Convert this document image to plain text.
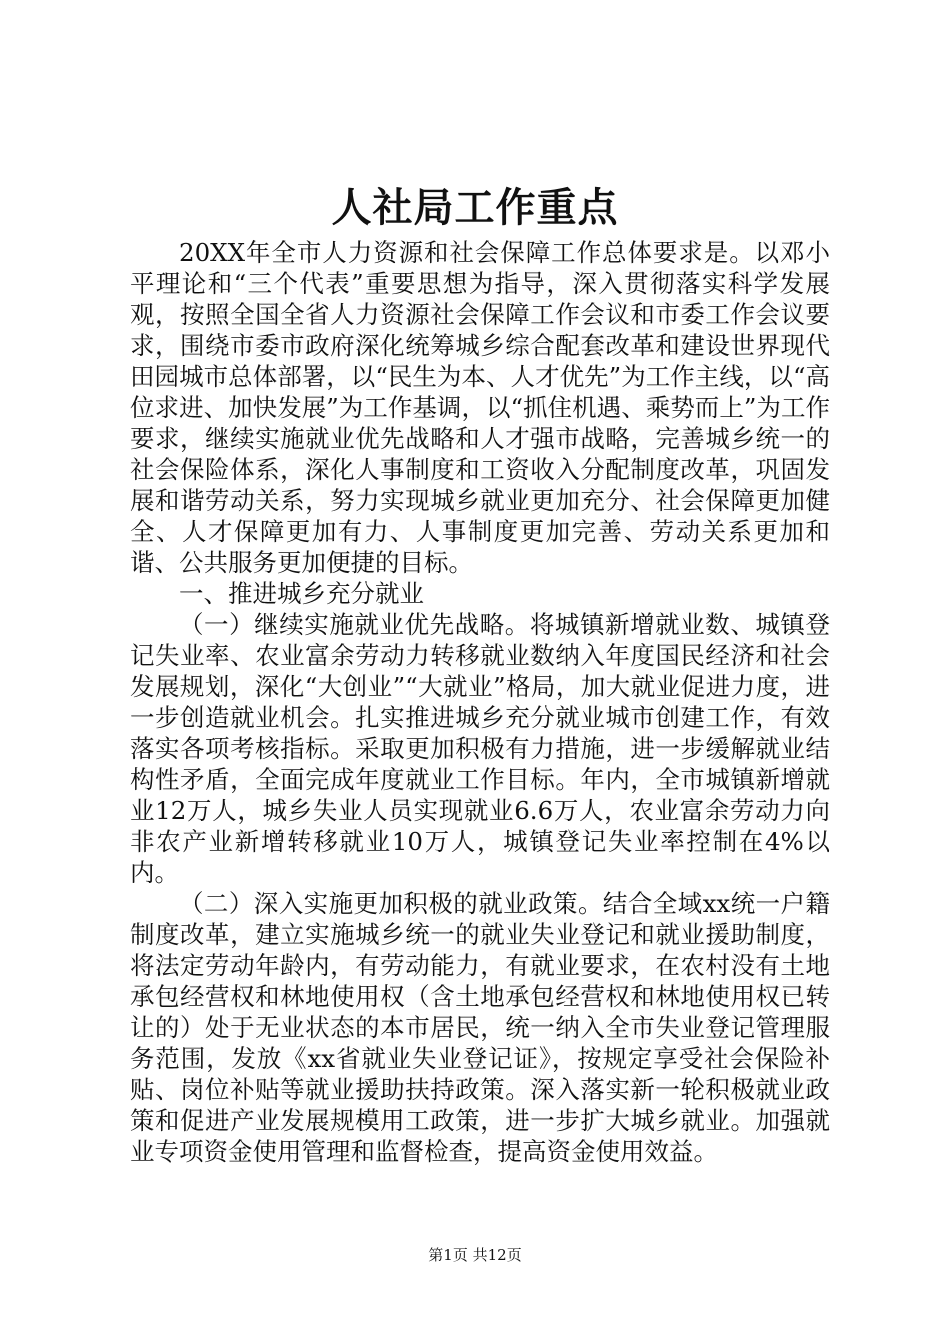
人社局工作重点

20XX年全市人力资源和社会保障工作总体要求是。以邓小平理论和“三个代表”重要思想为指导，深入贯彻落实科学发展观，按照全国全省人力资源社会保障工作会议和市委工作会议要求，围绕市委市政府深化统筹城乡综合配套改革和建设世界现代田园城市总体部署，以“民生为本、人才优先”为工作主线，以“高位求进、加快发展”为工作基调，以“抓住机遇、乘势而上”为工作要求，继续实施就业优先战略和人才强市战略，完善城乡统一的社会保险体系，深化人事制度和工资收入分配制度改革，巩固发展和谐劳动关系，努力实现城乡就业更加充分、社会保障更加健全、人才保障更加有力、人事制度更加完善、劳动关系更加和谐、公共服务更加便捷的目标。

一、推进城乡充分就业

（一）继续实施就业优先战略。将城镇新增就业数、城镇登记失业率、农业富余劳动力转移就业数纳入年度国民经济和社会发展规划，深化“大创业”“大就业”格局，加大就业促进力度，进一步创造就业机会。扎实推进城乡充分就业城市创建工作，有效落实各项考核指标。采取更加积极有力措施，进一步缓解就业结构性矛盾，全面完成年度就业工作目标。年内，全市城镇新增就业12万人，城乡失业人员实现就业6.6万人，农业富余劳动力向非农产业新增转移就业10万人，城镇登记失业率控制在4%以内。

（二）深入实施更加积极的就业政策。结合全域xx统一户籍制度改革，建立实施城乡统一的就业失业登记和就业援助制度，将法定劳动年龄内，有劳动能力，有就业要求，在农村没有土地承包经营权和林地使用权（含土地承包经营权和林地使用权已转让的）处于无业状态的本市居民，统一纳入全市失业登记管理服务范围，发放《xx省就业失业登记证》，按规定享受社会保险补贴、岗位补贴等就业援助扶持政策。深入落实新一轮积极就业政策和促进产业发展规模用工政策，进一步扩大城乡就业。加强就业专项资金使用管理和监督检查，提高资金使用效益。

第1页 共12页
